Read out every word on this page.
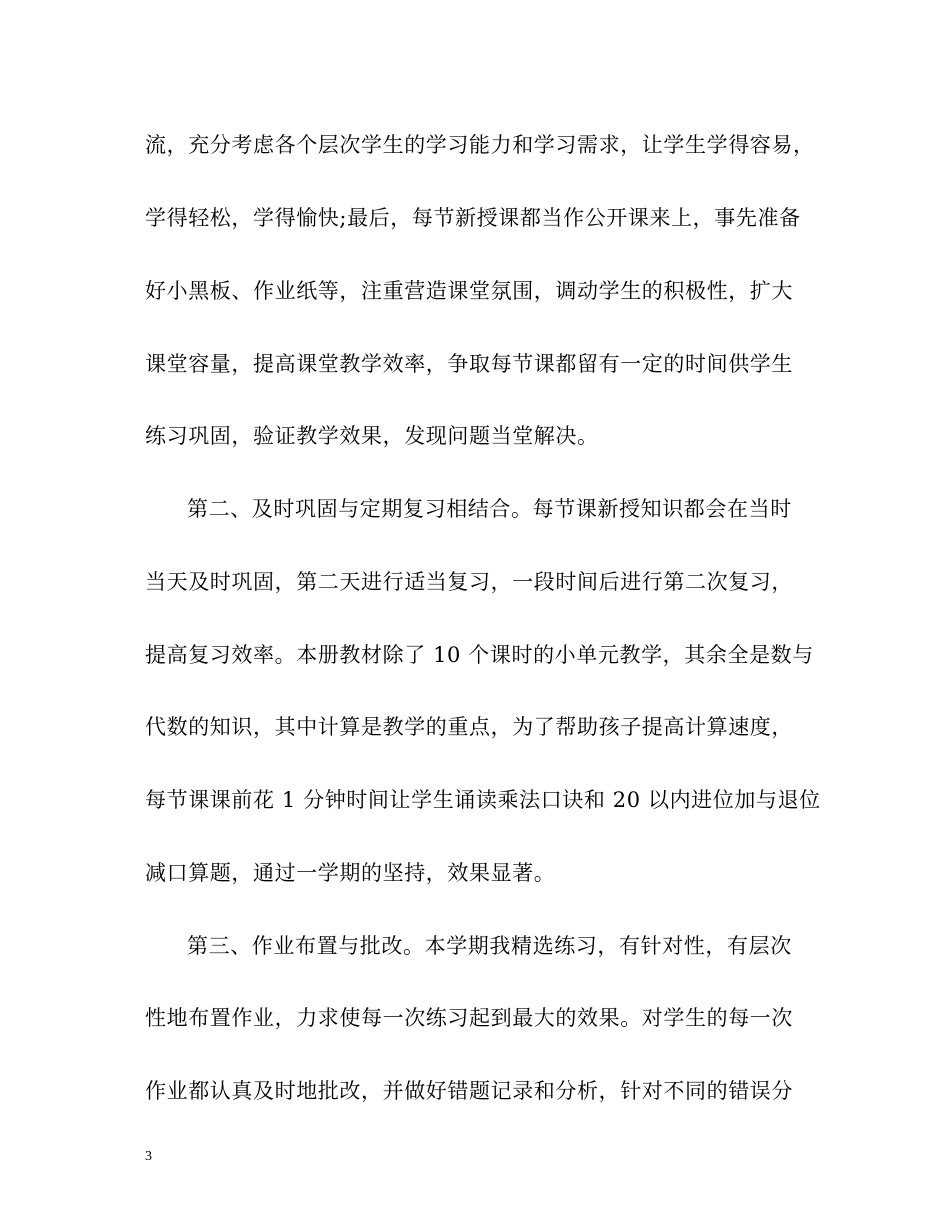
流，充分考虑各个层次学生的学习能力和学习需求，让学生学得容易，
学得轻松，学得愉快;最后，每节新授课都当作公开课来上，事先准备
好小黑板、作业纸等，注重营造课堂氛围，调动学生的积极性，扩大
课堂容量，提高课堂教学效率，争取每节课都留有一定的时间供学生
练习巩固，验证教学效果，发现问题当堂解决。
第二、及时巩固与定期复习相结合。每节课新授知识都会在当时
当天及时巩固，第二天进行适当复习，一段时间后进行第二次复习，
提高复习效率。本册教材除了 10 个课时的小单元教学，其余全是数与
代数的知识，其中计算是教学的重点，为了帮助孩子提高计算速度，
每节课课前花 1 分钟时间让学生诵读乘法口诀和 20 以内进位加与退位
减口算题，通过一学期的坚持，效果显著。
第三、作业布置与批改。本学期我精选练习，有针对性，有层次
性地布置作业，力求使每一次练习起到最大的效果。对学生的每一次
作业都认真及时地批改，并做好错题记录和分析，针对不同的错误分
3
